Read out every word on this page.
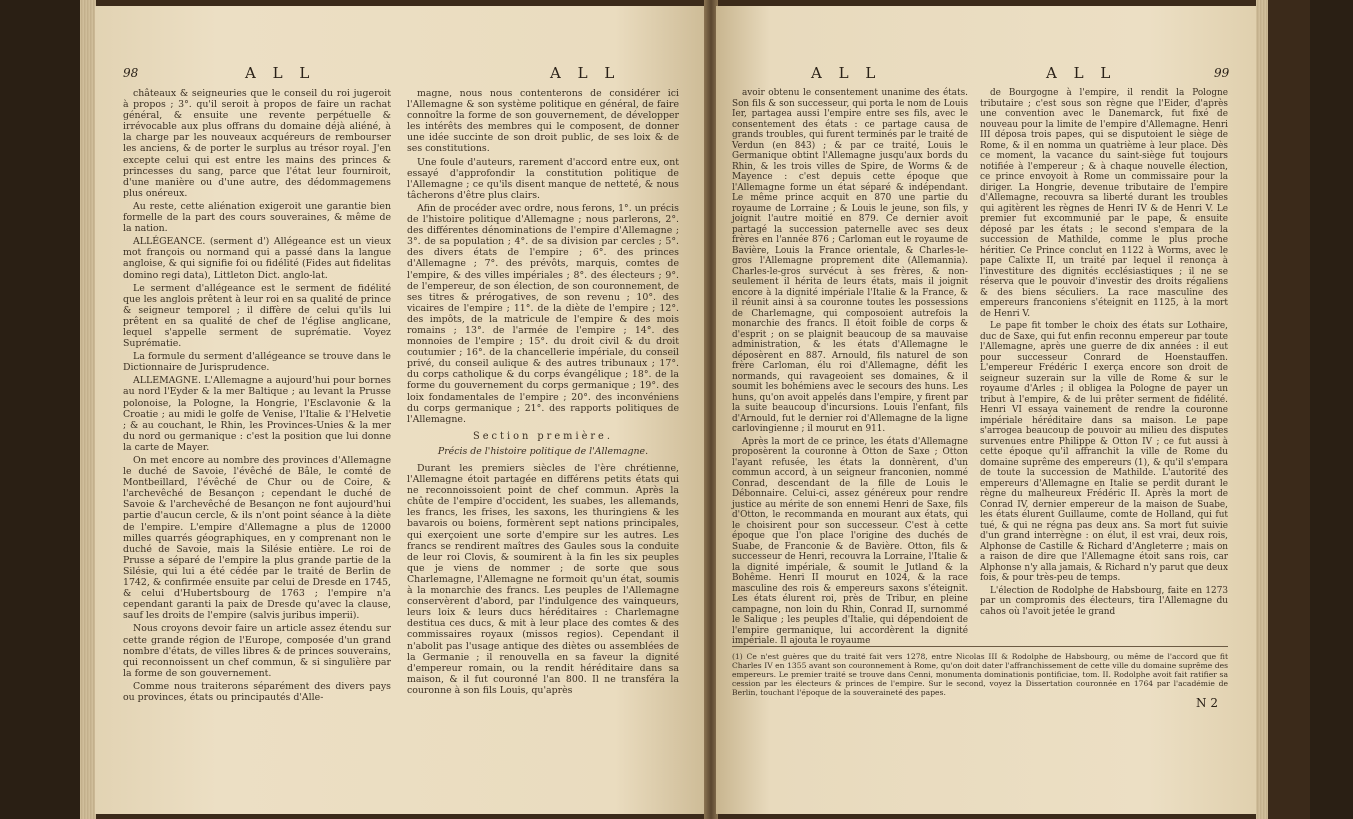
98	A L L	A L L

châteaux & seigneuries que le conseil du roi jugeroit à propos ; 3°. qu'il seroit à propos de faire un rachat général, & ensuite une revente perpétuelle & irrévocable aux plus offrans du domaine déjà aliéné, à la charge par les nouveaux acquéreurs de rembourser les anciens, & de porter le surplus au trésor royal. J'en excepte celui qui est entre les mains des princes & princesses du sang, parce que l'état leur fourniroit, d'une manière ou d'une autre, des dédommagemens plus onéreux.

Au reste, cette aliénation exigeroit une garantie bien formelle de la part des cours souveraines, & même de la nation.

ALLÉGEANCE. (serment d') Allégeance est un vieux mot françois ou normand qui a passé dans la langue angloise, & qui signifie foi ou fidélité (Fides aut fidelitas domino regi data), Littleton Dict. anglo-lat.

Le serment d'allégeance est le serment de fidélité que les anglois prêtent à leur roi en sa qualité de prince & seigneur temporel ; il diffère de celui qu'ils lui prêtent en sa qualité de chef de l'église anglicane, lequel s'appelle serment de suprématie. Voyez Suprématie.

La formule du serment d'allégeance se trouve dans le Dictionnaire de Jurisprudence.

ALLEMAGNE. L'Allemagne a aujourd'hui pour bornes au nord l'Eyder & la mer Baltique ; au levant la Prusse polonoise, la Pologne, la Hongrie, l'Esclavonie & la Croatie ; au midi le golfe de Venise, l'Italie & l'Helvetie ; & au couchant, le Rhin, les Provinces-Unies & la mer du nord ou germanique : c'est la position que lui donne la carte de Mayer.

On met encore au nombre des provinces d'Allemagne le duché de Savoie, l'évêché de Bâle, le comté de Montbeillard, l'évêché de Chur ou de Coire, & l'archevêché de Besançon ; cependant le duché de Savoie & l'archevêché de Besançon ne font aujourd'hui partie d'aucun cercle, & ils n'ont point séance à la diète de l'empire. L'empire d'Allemagne a plus de 12000 milles quarrés géographiques, en y comprenant non le duché de Savoie, mais la Silésie entière. Le roi de Prusse a séparé de l'empire la plus grande partie de la Silésie, qui lui a été cédée par le traité de Berlin de 1742, & confirmée ensuite par celui de Dresde en 1745, & celui d'Hubertsbourg de 1763 ; l'empire n'a cependant garanti la paix de Dresde qu'avec la clause, sauf les droits de l'empire (salvis juribus imperii).

Nous croyons devoir faire un article assez étendu sur cette grande région de l'Europe, composée d'un grand nombre d'états, de villes libres & de princes souverains, qui reconnoissent un chef commun, & si singulière par la forme de son gouvernement.

Comme nous traiterons séparément des divers pays ou provinces, états ou principautés d'Alle-

magne, nous nous contenterons de considérer ici l'Allemagne & son système politique en général, de faire connoître la forme de son gouvernement, de développer les intérêts des membres qui le composent, de donner une idée succinte de son droit public, de ses loix & de ses constitutions.

Une foule d'auteurs, rarement d'accord entre eux, ont essayé d'approfondir la constitution politique de l'Allemagne ; ce qu'ils disent manque de netteté, & nous tâcherons d'être plus clairs.

Afin de procéder avec ordre, nous ferons, 1°. un précis de l'histoire politique d'Allemagne ; nous parlerons, 2°. des différentes dénominations de l'empire d'Allemagne ; 3°. de sa population ; 4°. de sa division par cercles ; 5°. des divers états de l'empire ; 6°. des princes d'Allemagne ; 7°. des prévôts, marquis, comtes de l'empire, & des villes impériales ; 8°. des électeurs ; 9°. de l'empereur, de son élection, de son couronnement, de ses titres & prérogatives, de son revenu ; 10°. des vicaires de l'empire ; 11°. de la diète de l'empire ; 12°. des impôts, de la matricule de l'empire & des mois romains ; 13°. de l'armée de l'empire ; 14°. des monnoies de l'empire ; 15°. du droit civil & du droit coutumier ; 16°. de la chancellerie impériale, du conseil privé, du conseil aulique & des autres tribunaux ; 17°. du corps catholique & du corps évangélique ; 18°. de la forme du gouvernement du corps germanique ; 19°. des loix fondamentales de l'empire ; 20°. des inconvéniens du corps germanique ; 21°. des rapports politiques de l'Allemagne.

Section première.
Précis de l'histoire politique de l'Allemagne.

Durant les premiers siècles de l'ère chrétienne, l'Allemagne étoit partagée en différens petits états qui ne reconnoissoient point de chef commun. Après la chûte de l'empire d'occident, les suabes, les allemands, les francs, les frises, les saxons, les thuringiens & les bavarois ou boiens, formèrent sept nations principales, qui exerçoient une sorte d'empire sur les autres. Les francs se rendirent maîtres des Gaules sous la conduite de leur roi Clovis, & soumirent à la fin les six peuples que je viens de nommer ; de sorte que sous Charlemagne, l'Allemagne ne formoit qu'un état, soumis à la monarchie des francs. Les peuples de l'Allemagne conservèrent d'abord, par l'indulgence des vainqueurs, leurs loix & leurs ducs héréditaires : Charlemagne destitua ces ducs, & mit à leur place des comtes & des commissaires royaux (missos regios). Cependant il n'abolit pas l'usage antique des diètes ou assemblées de la Germanie ; il renouvella en sa faveur la dignité d'empereur romain, ou la rendit héréditaire dans sa maison, & il fut couronné l'an 800. Il ne transféra la couronne à son fils Louis, qu'après

A L L	A L L	99

avoir obtenu le consentement unanime des états. Son fils & son successeur, qui porta le nom de Louis Ier, partagea aussi l'empire entre ses fils, avec le consentement des états : ce partage causa de grands troubles, qui furent terminés par le traité de Verdun (en 843) ; & par ce traité, Louis le Germanique obtint l'Allemagne jusqu'aux bords du Rhin, & les trois villes de Spire, de Worms & de Mayence : c'est depuis cette époque que l'Allemagne forme un état séparé & indépendant. Le même prince acquit en 870 une partie du royaume de Lorraine ; & Louis le jeune, son fils, y joignit l'autre moitié en 879. Ce dernier avoit partagé la succession paternelle avec ses deux frères en l'année 876 ; Carloman eut le royaume de Bavière, Louis la France orientale, & Charles-le-gros l'Allemagne proprement dite (Allemannia). Charles-le-gros survécut à ses frères, & non-seulement il hérita de leurs états, mais il joignit encore à la dignité impériale l'Italie & la France, & il réunit ainsi à sa couronne toutes les possessions de Charlemagne, qui composoient autrefois la monarchie des francs. Il étoit foible de corps & d'esprit ; on se plaignit beaucoup de sa mauvaise administration, & les états d'Allemagne le déposèrent en 887. Arnould, fils naturel de son frère Carloman, élu roi d'Allemagne, défit les normands, qui ravageoient ses domaines, & il soumit les bohémiens avec le secours des huns. Les huns, qu'on avoit appelés dans l'empire, y firent par la suite beaucoup d'incursions. Louis l'enfant, fils d'Arnould, fut le dernier roi d'Allemagne de la ligne carlovingienne ; il mourut en 911.

Après la mort de ce prince, les états d'Allemagne proposèrent la couronne à Otton de Saxe ; Otton l'ayant refusée, les états la donnèrent, d'un commun accord, à un seigneur franconien, nommé Conrad, descendant de la fille de Louis le Débonnaire. Celui-ci, assez généreux pour rendre justice au mérite de son ennemi Henri de Saxe, fils d'Otton, le recommanda en mourant aux états, qui le choisirent pour son successeur. C'est à cette époque que l'on place l'origine des duchés de Suabe, de Franconie & de Bavière. Otton, fils & successeur de Henri, recouvra la Lorraine, l'Italie & la dignité impériale, & soumit le Jutland & la Bohême. Henri II mourut en 1024, & la race masculine des rois & empereurs saxons s'éteignit. Les états élurent roi, près de Tribur, en pleine campagne, non loin du Rhin, Conrad II, surnommé le Salique ; les peuples d'Italie, qui dépendoient de l'empire germanique, lui accordèrent la dignité impériale. Il ajouta le royaume

de Bourgogne à l'empire, il rendit la Pologne tributaire ; c'est sous son règne que l'Eider, d'après une convention avec le Danemarck, fut fixé de nouveau pour la limite de l'empire d'Allemagne. Henri III déposa trois papes, qui se disputoient le siège de Rome, & il en nomma un quatrième à leur place. Dès ce moment, la vacance du saint-siège fut toujours notifiée à l'empereur ; & à chaque nouvelle élection, ce prince envoyoit à Rome un commissaire pour la diriger. La Hongrie, devenue tributaire de l'empire d'Allemagne, recouvra sa liberté durant les troubles qui agitèrent les règnes de Henri IV & de Henri V. Le premier fut excommunié par le pape, & ensuite déposé par les états ; le second s'empara de la succession de Mathilde, comme le plus proche héritier. Ce Prince conclut en 1122 à Worms, avec le pape Calixte II, un traité par lequel il renonça à l'investiture des dignités ecclésiastiques ; il ne se réserva que le pouvoir d'investir des droits régaliens & des biens séculiers. La race masculine des empereurs franconiens s'éteignit en 1125, à la mort de Henri V.

Le pape fit tomber le choix des états sur Lothaire, duc de Saxe, qui fut enfin reconnu empereur par toute l'Allemagne, après une guerre de dix années : il eut pour successeur Conrard de Hoenstauffen. L'empereur Frédéric I exerça encore son droit de seigneur suzerain sur la ville de Rome & sur le royaume d'Arles ; il obligea la Pologne de payer un tribut à l'empire, & de lui prêter serment de fidélité. Henri VI essaya vainement de rendre la couronne impériale héréditaire dans sa maison. Le pape s'arrogea beaucoup de pouvoir au milieu des disputes survenues entre Philippe & Otton IV ; ce fut aussi à cette époque qu'il affranchit la ville de Rome du domaine suprême des empereurs (1), & qu'il s'empara de toute la succession de Mathilde. L'autorité des empereurs d'Allemagne en Italie se perdit durant le règne du malheureux Frédéric II. Après la mort de Conrad IV, dernier empereur de la maison de Suabe, les états élurent Guillaume, comte de Holland, qui fut tué, & qui ne régna pas deux ans. Sa mort fut suivie d'un grand interrègne : on élut, il est vrai, deux rois, Alphonse de Castille & Richard d'Angleterre ; mais on a raison de dire que l'Allemagne étoit sans rois, car Alphonse n'y alla jamais, & Richard n'y parut que deux fois, & pour très-peu de temps.

L'élection de Rodolphe de Habsbourg, faite en 1273 par un compromis des électeurs, tira l'Allemagne du cahos où l'avoit jetée le grand

(1) Ce n'est guères que du traité fait vers 1278, entre Nicolas III & Rodolphe de Habsbourg, ou même de l'accord que fit Charles IV en 1355 avant son couronnement à Rome, qu'on doit dater l'affranchissement de cette ville du domaine suprême des empereurs. Le premier traité se trouve dans Cenni, monumenta dominationis pontificiae, tom. II. Rodolphe avoit fait ratifier sa cession par les électeurs & princes de l'empire. Sur le second, voyez la Dissertation couronnée en 1764 par l'académie de Berlin, touchant l'époque de la souveraineté des papes.
N 2
